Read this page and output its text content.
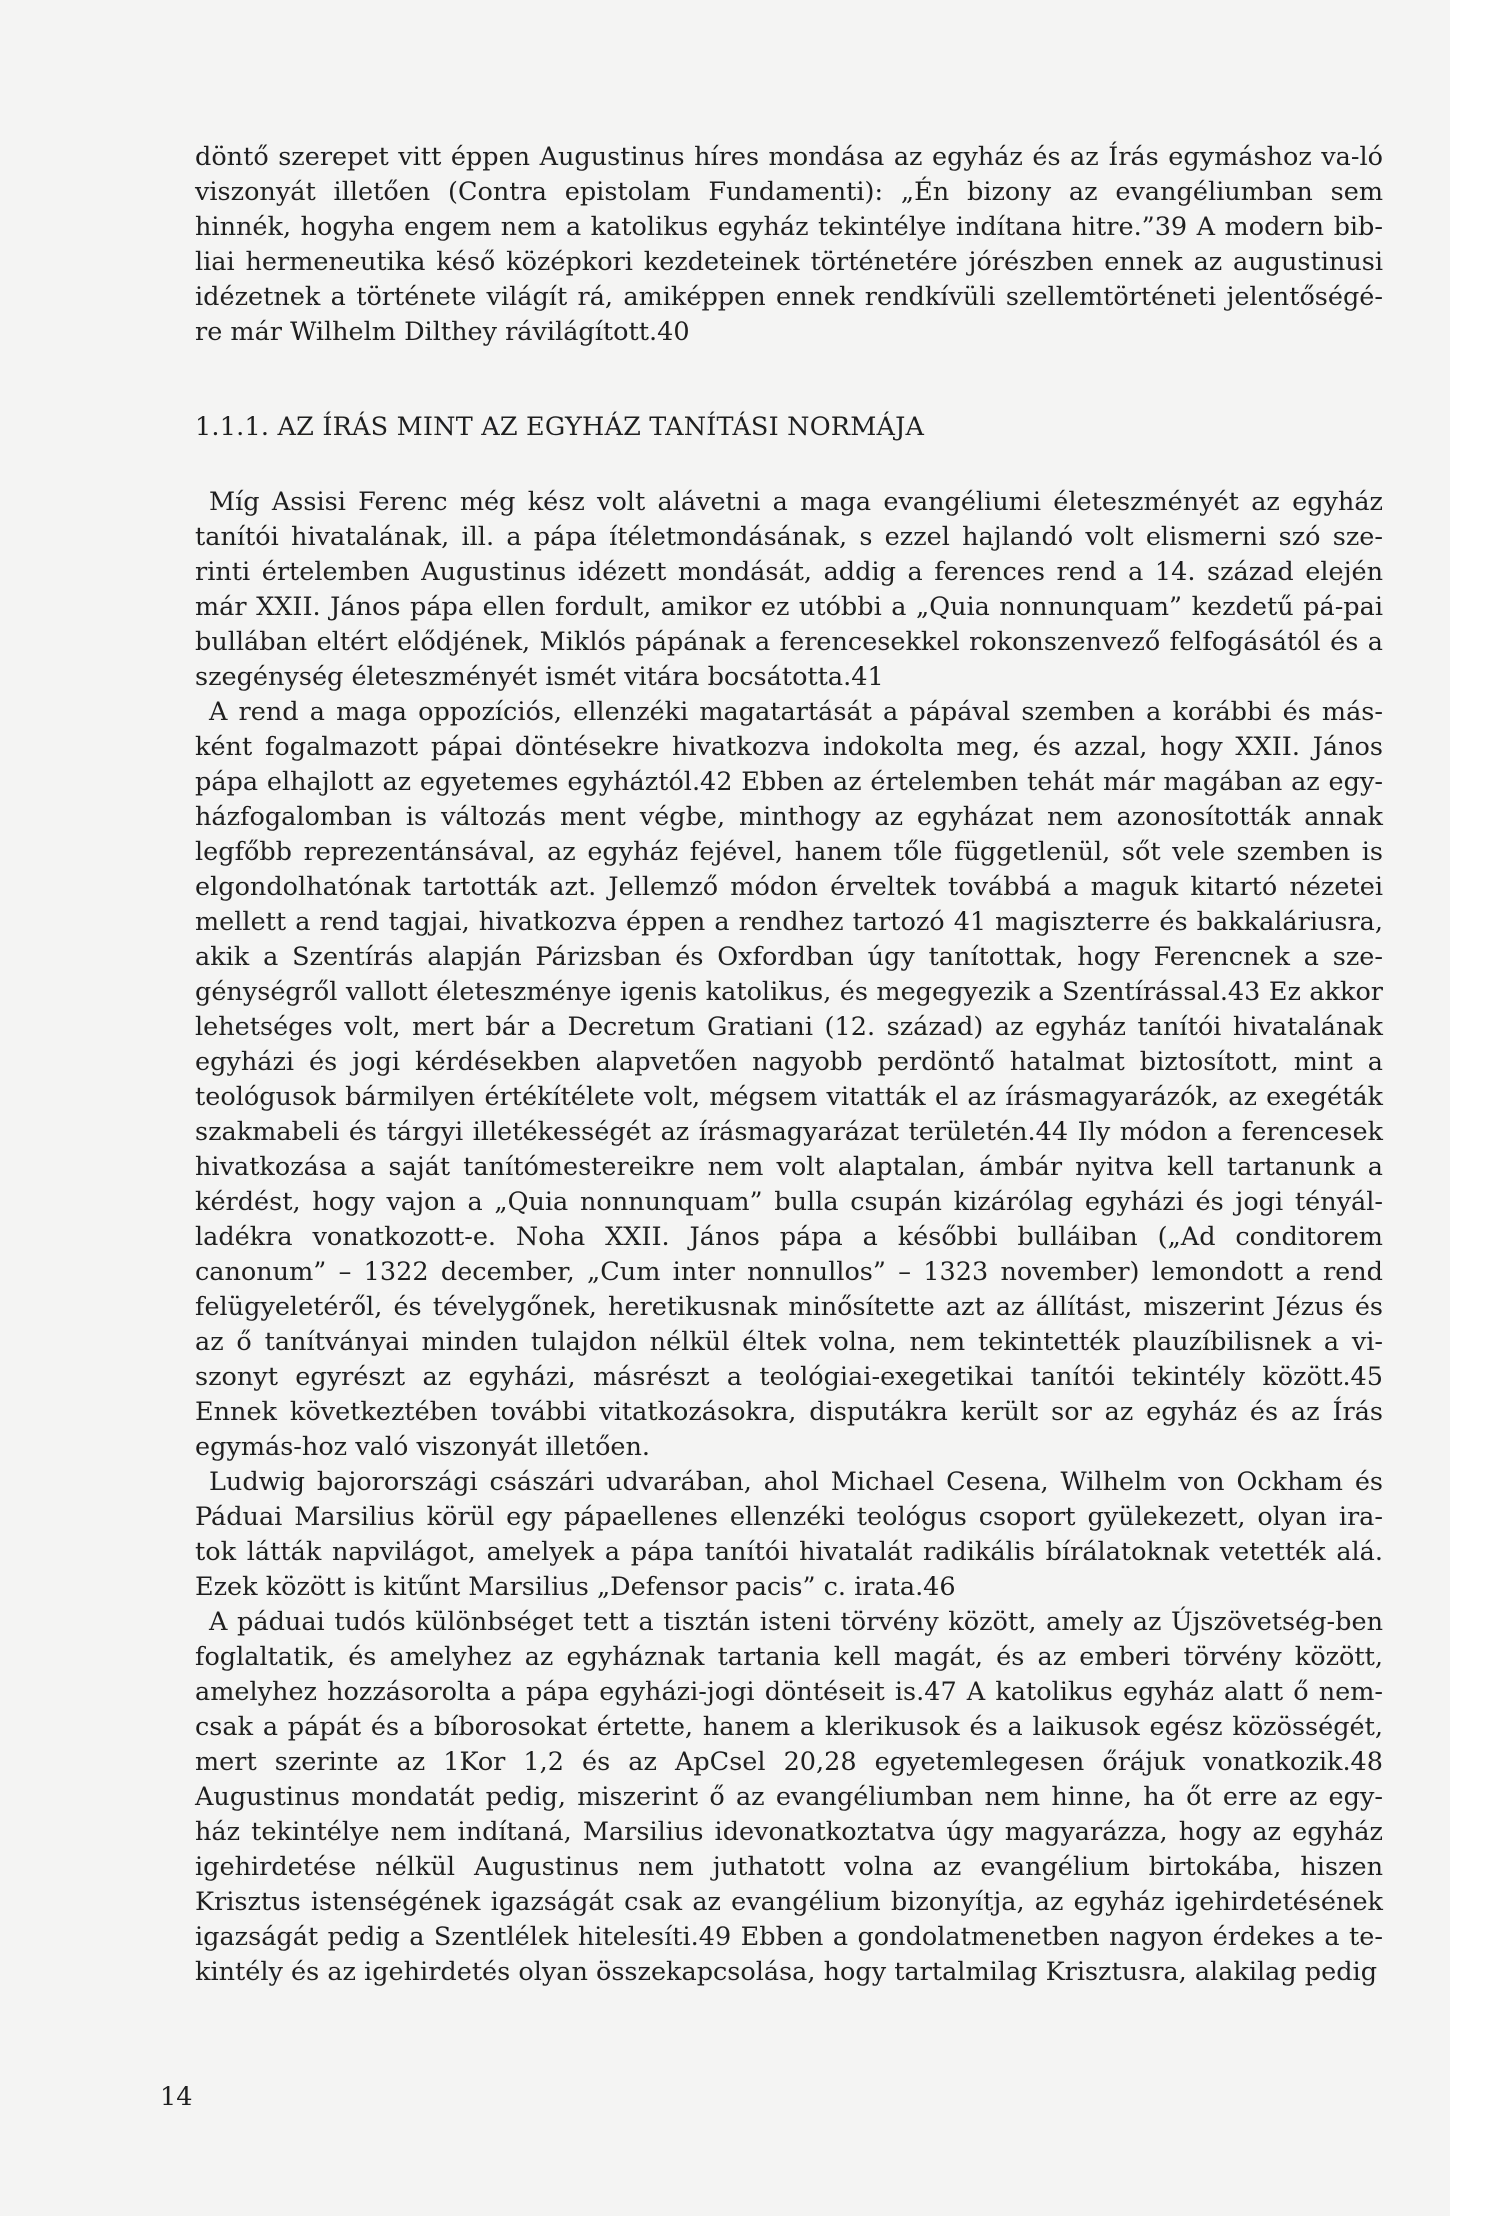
döntő szerepet vitt éppen Augustinus híres mondása az egyház és az Írás egymáshoz va-ló viszonyát illetően (Contra epistolam Fundamenti): „Én bizony az evangéliumban sem hinnék, hogyha engem nem a katolikus egyház tekintélye indítana hitre.”39 A modern bib-liai hermeneutika késő középkori kezdeteinek történetére jórészben ennek az augustinusi idézetnek a története világít rá, amiképpen ennek rendkívüli szellemtörténeti jelentőségé-re már Wilhelm Dilthey rávilágított.40

1.1.1. AZ ÍRÁS MINT AZ EGYHÁZ TANÍTÁSI NORMÁJA

Míg Assisi Ferenc még kész volt alávetni a maga evangéliumi életeszményét az egyház tanítói hivatalának, ill. a pápa ítéletmondásának, s ezzel hajlandó volt elismerni szó sze-rinti értelemben Augustinus idézett mondását, addig a ferences rend a 14. század elején már XXII. János pápa ellen fordult, amikor ez utóbbi a „Quia nonnunquam” kezdetű pá-pai bullában eltért elődjének, Miklós pápának a ferencesekkel rokonszenvező felfogásától és a szegénység életeszményét ismét vitára bocsátotta.41

A rend a maga oppozíciós, ellenzéki magatartását a pápával szemben a korábbi és más-ként fogalmazott pápai döntésekre hivatkozva indokolta meg, és azzal, hogy XXII. János pápa elhajlott az egyetemes egyháztól.42 Ebben az értelemben tehát már magában az egy-házfogalomban is változás ment végbe, minthogy az egyházat nem azonosították annak legfőbb reprezentánsával, az egyház fejével, hanem tőle függetlenül, sőt vele szemben is elgondolhatónak tartották azt. Jellemző módon érveltek továbbá a maguk kitartó nézetei mellett a rend tagjai, hivatkozva éppen a rendhez tartozó 41 magiszterre és bakkaláriusra, akik a Szentírás alapján Párizsban és Oxfordban úgy tanítottak, hogy Ferencnek a sze-génységről vallott életeszménye igenis katolikus, és megegyezik a Szentírással.43 Ez akkor lehetséges volt, mert bár a Decretum Gratiani (12. század) az egyház tanítói hivatalának egyházi és jogi kérdésekben alapvetően nagyobb perdöntő hatalmat biztosított, mint a teológusok bármilyen értékítélete volt, mégsem vitatták el az írásmagyarázók, az exegéták szakmabeli és tárgyi illetékességét az írásmagyarázat területén.44 Ily módon a ferencesek hivatkozása a saját tanítómestereikre nem volt alaptalan, ámbár nyitva kell tartanunk a kérdést, hogy vajon a „Quia nonnunquam” bulla csupán kizárólag egyházi és jogi tényál-ladékra vonatkozott-e. Noha XXII. János pápa a későbbi bulláiban („Ad conditorem canonum” – 1322 december, „Cum inter nonnullos” – 1323 november) lemondott a rend felügyeletéről, és tévelygőnek, heretikusnak minősítette azt az állítást, miszerint Jézus és az ő tanítványai minden tulajdon nélkül éltek volna, nem tekintették plauzíbilisnek a vi-szonyt egyrészt az egyházi, másrészt a teológiai-exegetikai tanítói tekintély között.45 Ennek következtében további vitatkozásokra, disputákra került sor az egyház és az Írás egymás-hoz való viszonyát illetően.

Ludwig bajorországi császári udvarában, ahol Michael Cesena, Wilhelm von Ockham és Páduai Marsilius körül egy pápaellenes ellenzéki teológus csoport gyülekezett, olyan ira-tok látták napvilágot, amelyek a pápa tanítói hivatalát radikális bírálatoknak vetették alá. Ezek között is kitűnt Marsilius „Defensor pacis” c. irata.46

A páduai tudós különbséget tett a tisztán isteni törvény között, amely az Újszövetség-ben foglaltatik, és amelyhez az egyháznak tartania kell magát, és az emberi törvény között, amelyhez hozzásorolta a pápa egyházi-jogi döntéseit is.47 A katolikus egyház alatt ő nem-csak a pápát és a bíborosokat értette, hanem a klerikusok és a laikusok egész közösségét, mert szerinte az 1Kor 1,2 és az ApCsel 20,28 egyetemlegesen őrájuk vonatkozik.48 Augustinus mondatát pedig, miszerint ő az evangéliumban nem hinne, ha őt erre az egy-ház tekintélye nem indítaná, Marsilius idevonatkoztatva úgy magyarázza, hogy az egyház igehirdetése nélkül Augustinus nem juthatott volna az evangélium birtokába, hiszen Krisztus istenségének igazságát csak az evangélium bizonyítja, az egyház igehirdetésének igazságát pedig a Szentlélek hitelesíti.49 Ebben a gondolatmenetben nagyon érdekes a te-kintély és az igehirdetés olyan összekapcsolása, hogy tartalmilag Krisztusra, alakilag pedig

14
